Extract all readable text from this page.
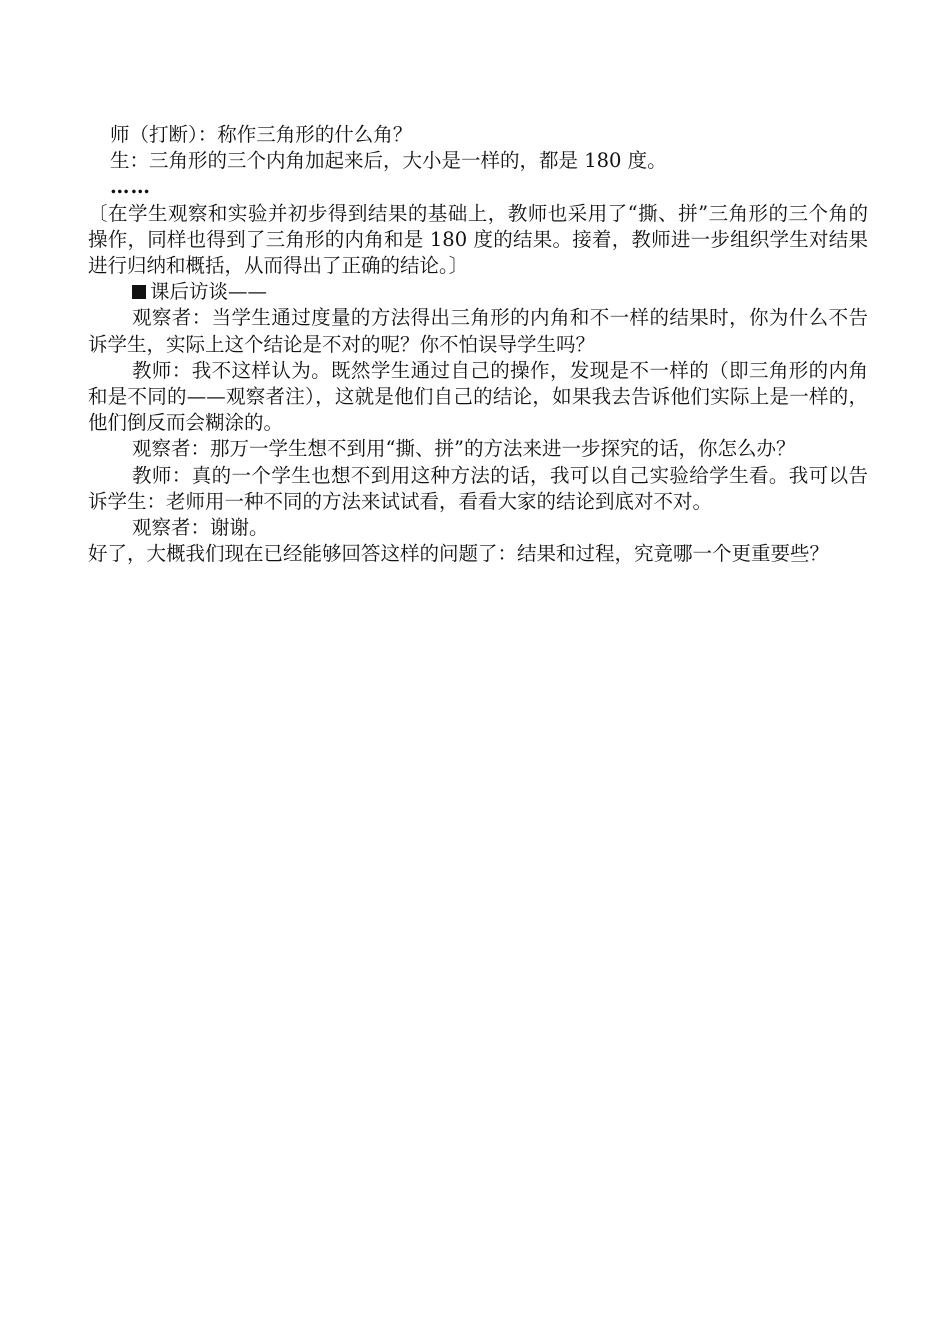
师（打断）：称作三角形的什么角？

生：三角形的三个内角加起来后，大小是一样的，都是 180 度。

……

〔在学生观察和实验并初步得到结果的基础上，教师也采用了“撕、拼”三角形的三个角的操作，同样也得到了三角形的内角和是 180 度的结果。接着，教师进一步组织学生对结果进行归纳和概括，从而得出了正确的结论。〕

课后访谈——

观察者：当学生通过度量的方法得出三角形的内角和不一样的结果时，你为什么不告诉学生，实际上这个结论是不对的呢？你不怕误导学生吗？

教师：我不这样认为。既然学生通过自己的操作，发现是不一样的（即三角形的内角和是不同的——观察者注），这就是他们自己的结论，如果我去告诉他们实际上是一样的，他们倒反而会糊涂的。

观察者：那万一学生想不到用“撕、拼”的方法来进一步探究的话，你怎么办？

教师：真的一个学生也想不到用这种方法的话，我可以自己实验给学生看。我可以告诉学生：老师用一种不同的方法来试试看，看看大家的结论到底对不对。

观察者：谢谢。

好了，大概我们现在已经能够回答这样的问题了：结果和过程，究竟哪一个更重要些？
